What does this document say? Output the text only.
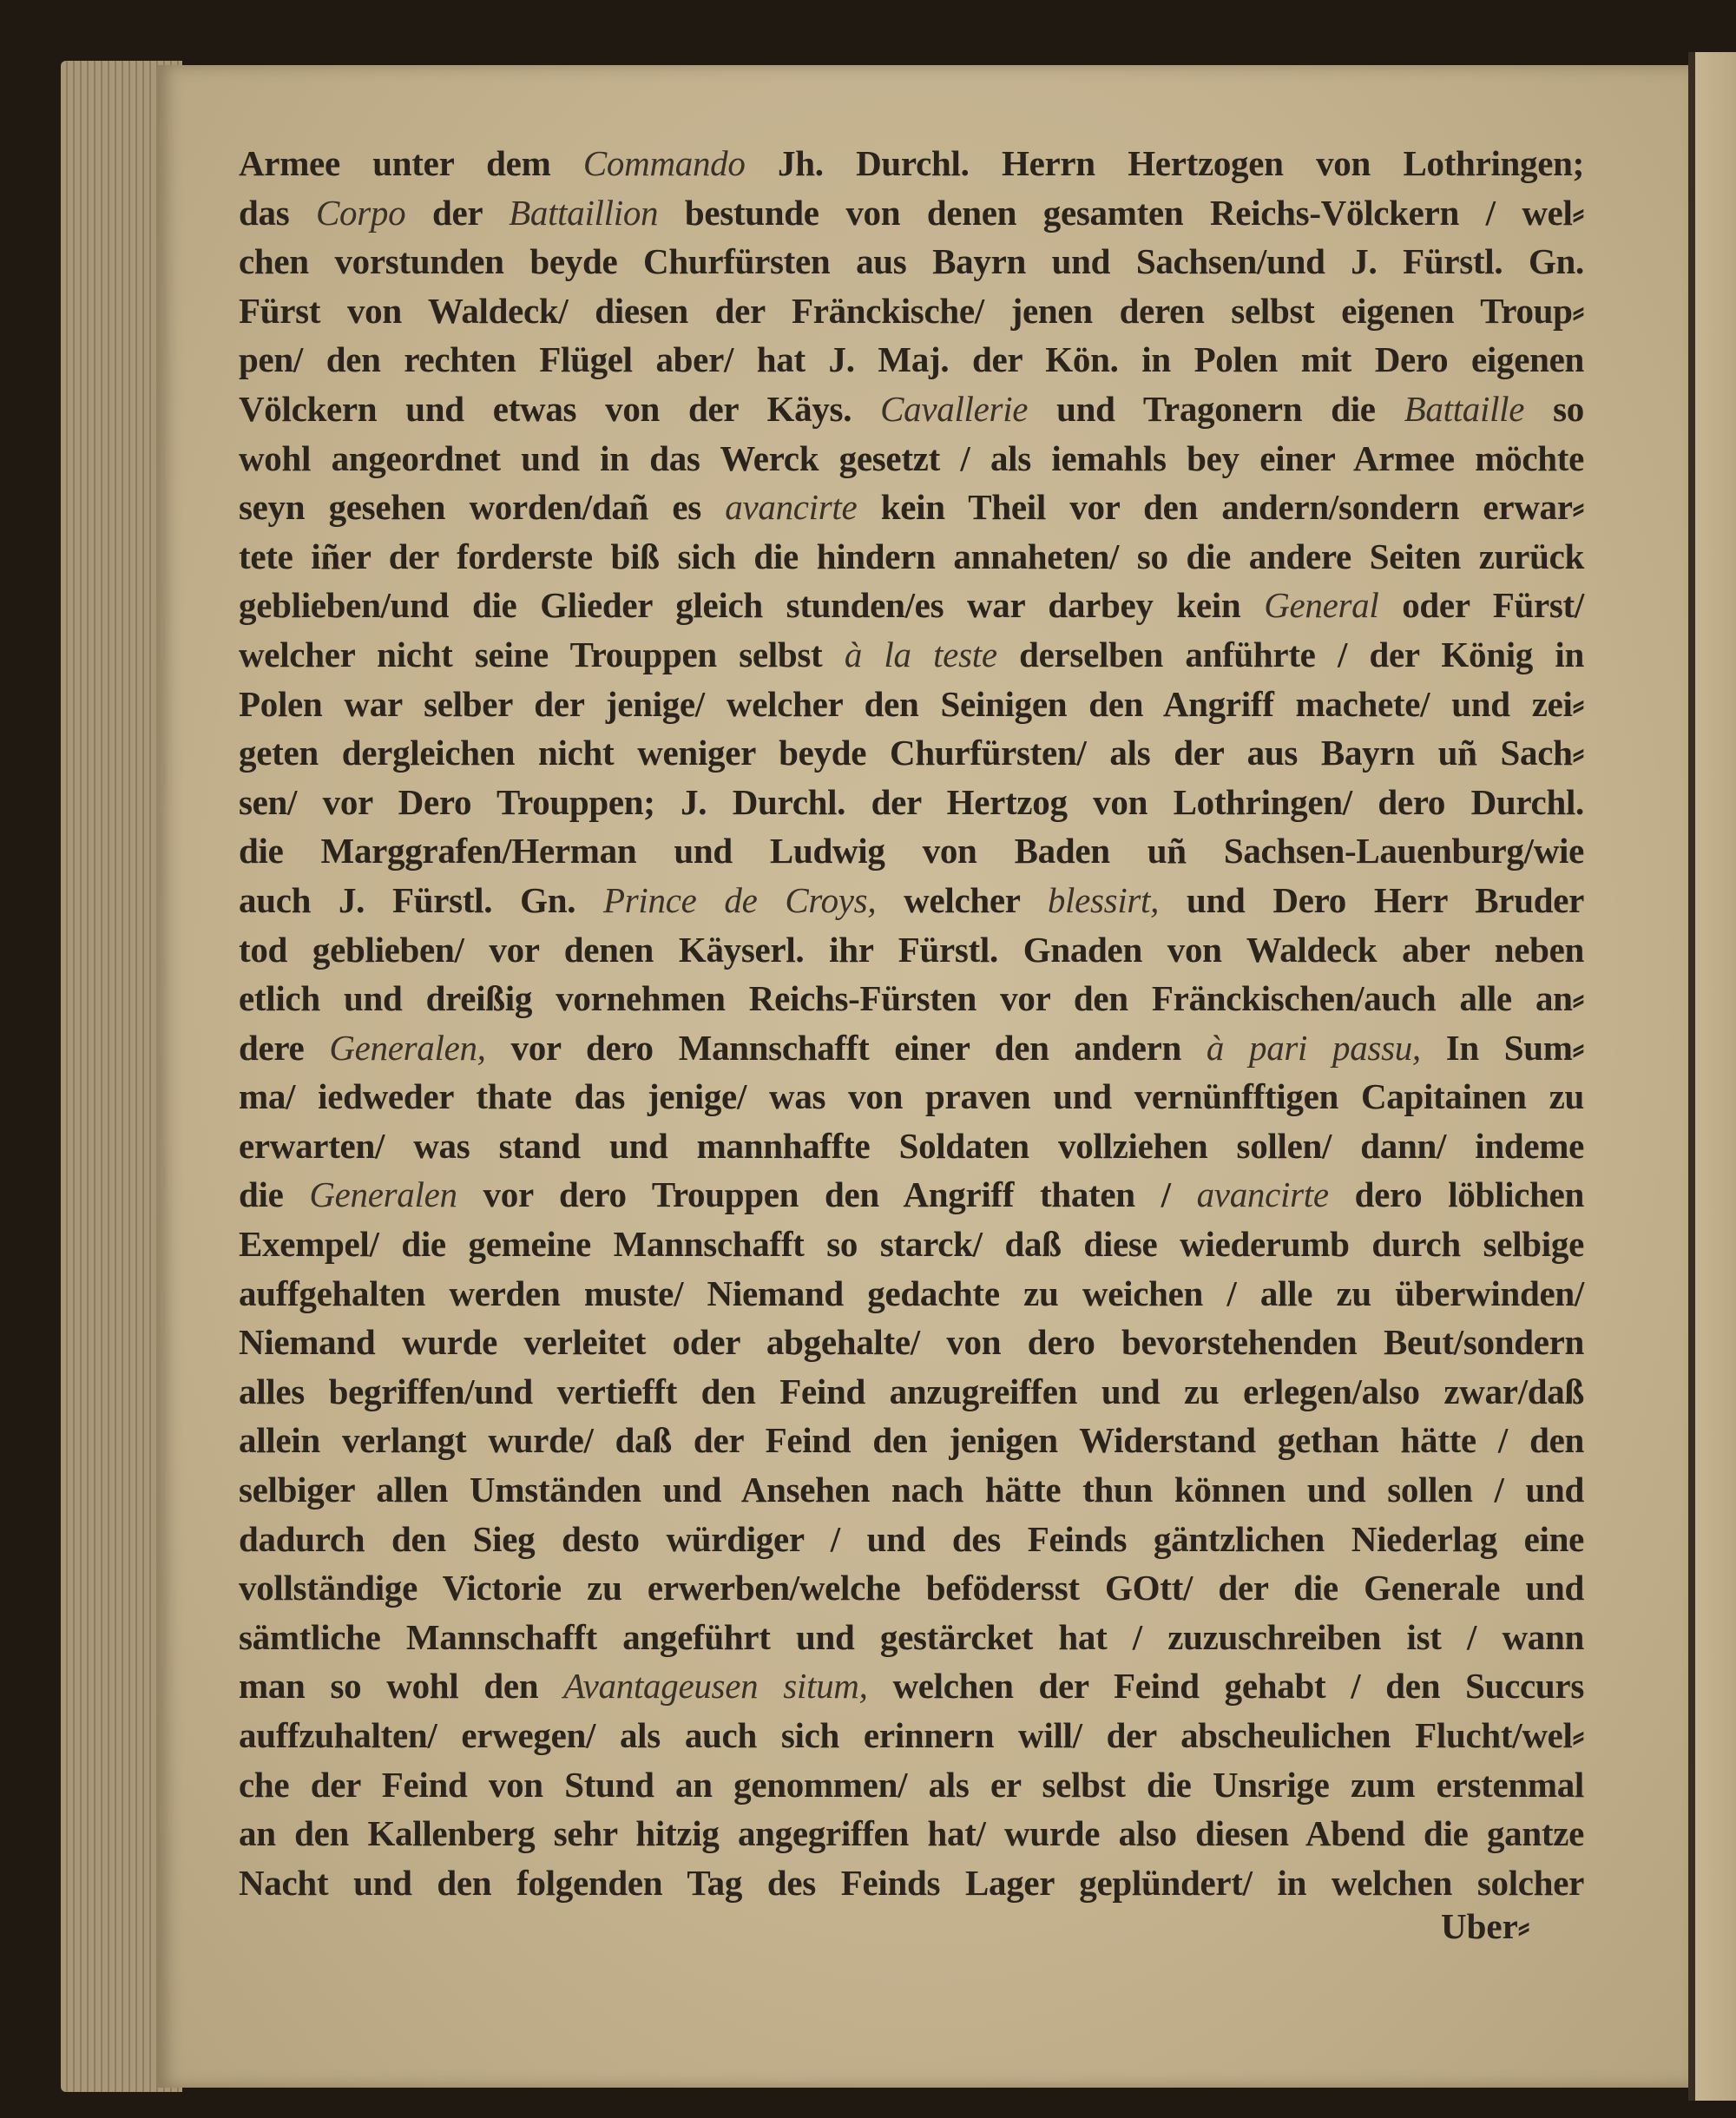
Armee unter dem Commando Jh. Durchl. Herrn Hertzogen von Lothringen;
das Corpo der Battaillion bestunde von denen gesamten Reichs-Völckern / wel⸗
chen vorstunden beyde Churfürsten aus Bayrn und Sachsen/und J. Fürstl. Gn.
Fürst von Waldeck/ diesen der Fränckische/ jenen deren selbst eigenen Troup⸗
pen/ den rechten Flügel aber/ hat J. Maj. der Kön. in Polen mit Dero eigenen
Völckern und etwas von der Käys. Cavallerie und Tragonern die Battaille so
wohl angeordnet und in das Werck gesetzt / als iemahls bey einer Armee möchte
seyn gesehen worden/dañ es avancirte kein Theil vor den andern/sondern erwar⸗
tete iñer der forderste biß sich die hindern annaheten/ so die andere Seiten zurück
geblieben/und die Glieder gleich stunden/es war darbey kein General oder Fürst/
welcher nicht seine Trouppen selbst à la teste derselben anführte / der König in
Polen war selber der jenige/ welcher den Seinigen den Angriff machete/ und zei⸗
geten dergleichen nicht weniger beyde Churfürsten/ als der aus Bayrn uñ Sach⸗
sen/ vor Dero Trouppen; J. Durchl. der Hertzog von Lothringen/ dero Durchl.
die Marggrafen/Herman und Ludwig von Baden uñ Sachsen-Lauenburg/wie
auch J. Fürstl. Gn. Prince de Croys, welcher blessirt, und Dero Herr Bruder
tod geblieben/ vor denen Käyserl. ihr Fürstl. Gnaden von Waldeck aber neben
etlich und dreißig vornehmen Reichs-Fürsten vor den Fränckischen/auch alle an⸗
dere Generalen, vor dero Mannschafft einer den andern à pari passu, In Sum⸗
ma/ iedweder thate das jenige/ was von praven und vernünfftigen Capitainen zu
erwarten/ was stand und mannhaffte Soldaten vollziehen sollen/ dann/ indeme
die Generalen vor dero Trouppen den Angriff thaten / avancirte dero löblichen
Exempel/ die gemeine Mannschafft so starck/ daß diese wiederumb durch selbige
auffgehalten werden muste/ Niemand gedachte zu weichen / alle zu überwinden/
Niemand wurde verleitet oder abgehalte/ von dero bevorstehenden Beut/sondern
alles begriffen/und vertiefft den Feind anzugreiffen und zu erlegen/also zwar/daß
allein verlangt wurde/ daß der Feind den jenigen Widerstand gethan hätte / den
selbiger allen Umständen und Ansehen nach hätte thun können und sollen / und
dadurch den Sieg desto würdiger / und des Feinds gäntzlichen Niederlag eine
vollständige Victorie zu erwerben/welche befödersst GOtt/ der die Generale und
sämtliche Mannschafft angeführt und gestärcket hat / zuzuschreiben ist / wann
man so wohl den Avantageusen situm, welchen der Feind gehabt / den Succurs
auffzuhalten/ erwegen/ als auch sich erinnern will/ der abscheulichen Flucht/wel⸗
che der Feind von Stund an genommen/ als er selbst die Unsrige zum erstenmal
an den Kallenberg sehr hitzig angegriffen hat/ wurde also diesen Abend die gantze
Nacht und den folgenden Tag des Feinds Lager geplündert/ in welchen solcher
Uber⸗
